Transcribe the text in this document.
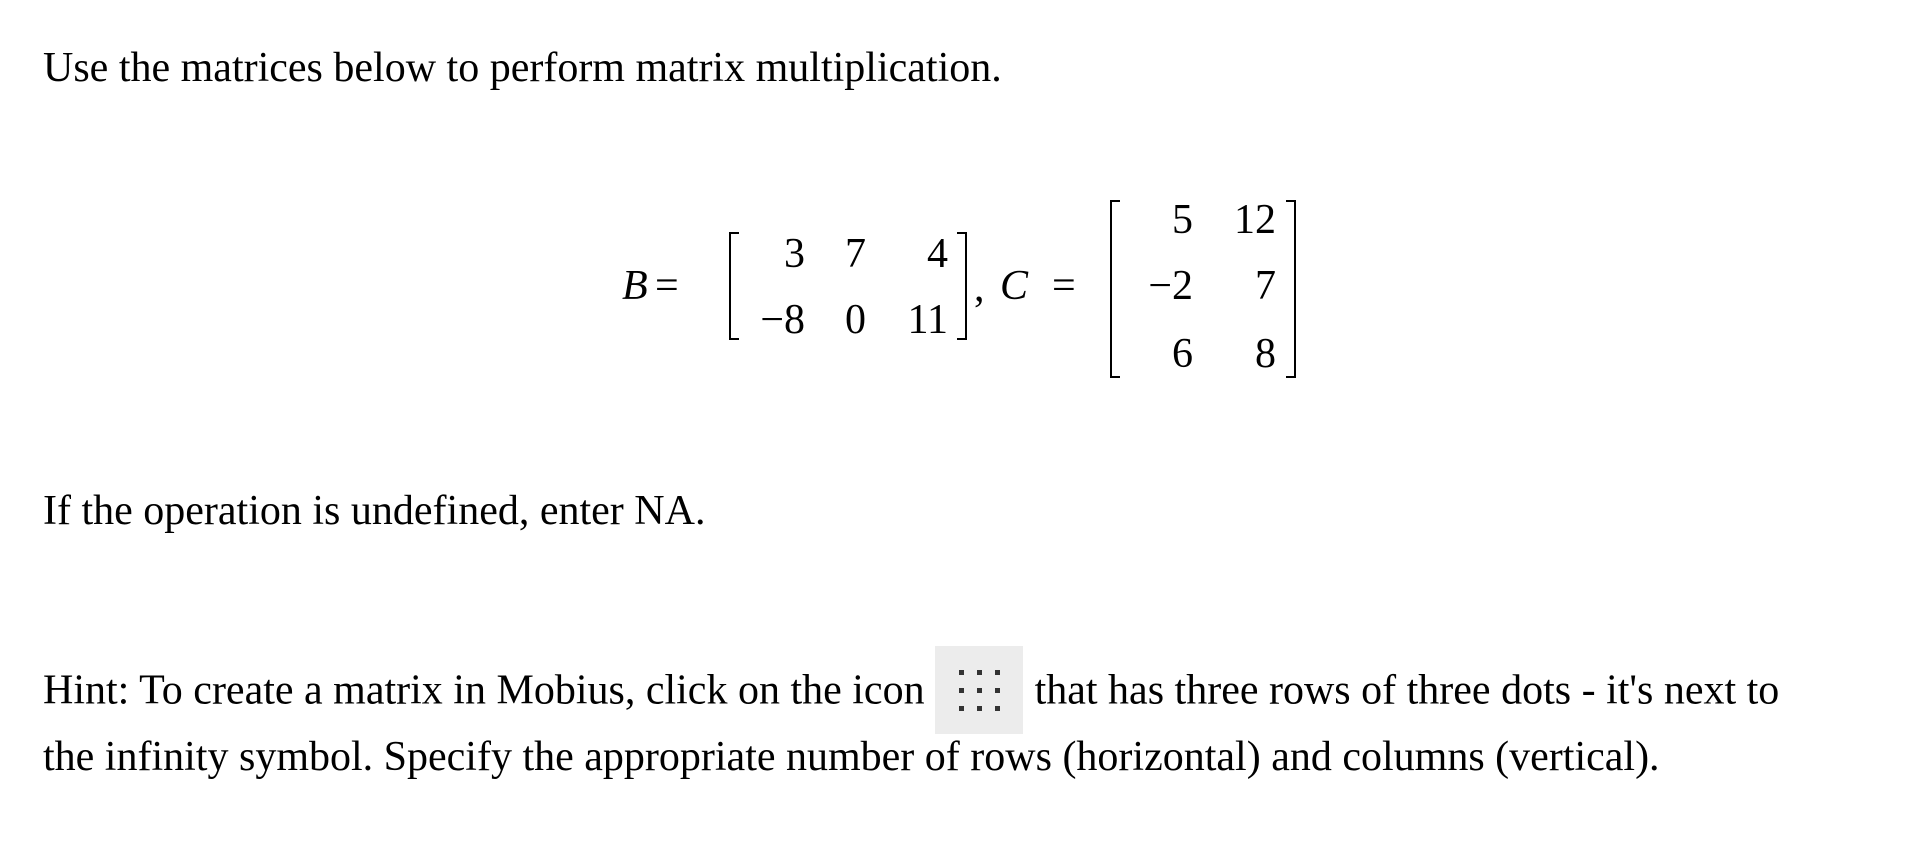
Use the matrices below to perform matrix multiplication.

B =
3 7	4
−8 0 11
, C =
5 12
−2	7
6	8

If the operation is undefined, enter NA.

Hint: To create a matrix in Mobius, click on the icon	that has three rows of three dots - it's next to

the infinity symbol. Specify the appropriate number of rows (horizontal) and columns (vertical).
